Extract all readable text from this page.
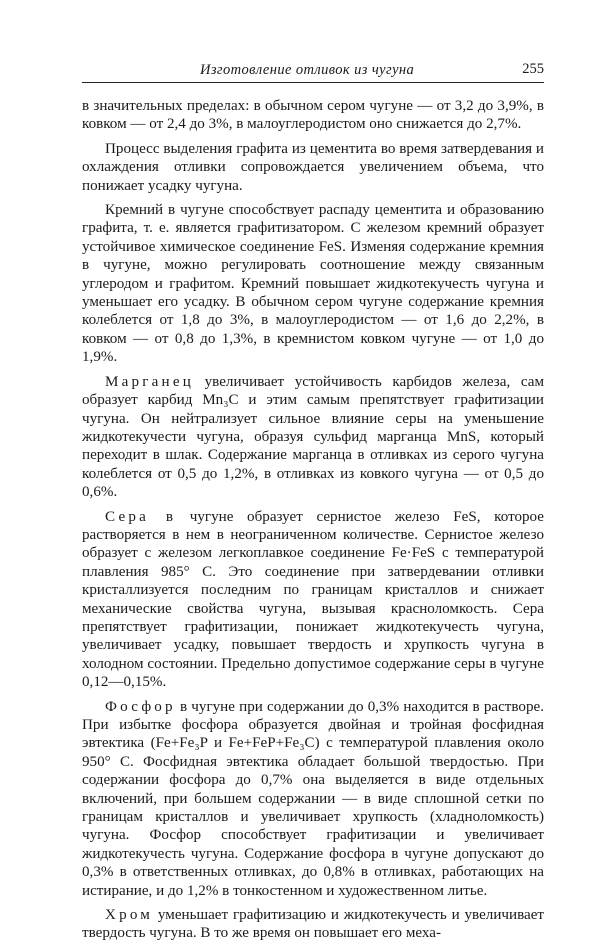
Изготовление отливок из чугуна	255

в значительных пределах: в обычном сером чугуне — от 3,2 до 3,9%, в ковком — от 2,4 до 3%, в малоуглеродистом оно снижается до 2,7%.

Процесс выделения графита из цементита во время затвердевания и охлаждения отливки сопровождается увеличением объема, что понижает усадку чугуна.

Кремний в чугуне способствует распаду цементита и образованию графита, т. е. является графитизатором. С железом кремний образует устойчивое химическое соединение FeS. Изменяя содержание кремния в чугуне, можно регулировать соотношение между связанным углеродом и графитом. Кремний повышает жидкотекучесть чугуна и уменьшает его усадку. В обычном сером чугуне содержание кремния колеблется от 1,8 до 3%, в малоуглеродистом — от 1,6 до 2,2%, в ковком — от 0,8 до 1,3%, в кремнистом ковком чугуне — от 1,0 до 1,9%.

Марганец увеличивает устойчивость карбидов железа, сам образует карбид Mn₃C и этим самым препятствует графитизации чугуна. Он нейтрализует сильное влияние серы на уменьшение жидкотекучести чугуна, образуя сульфид марганца MnS, который переходит в шлак. Содержание марганца в отливках из серого чугуна колеблется от 0,5 до 1,2%, в отливках из ковкого чугуна — от 0,5 до 0,6%.

Сера в чугуне образует сернистое железо FeS, которое растворяется в нем в неограниченном количестве. Сернистое железо образует с железом легкоплавкое соединение Fe·FeS с температурой плавления 985° С. Это соединение при затвердевании отливки кристаллизуется последним по границам кристаллов и снижает механические свойства чугуна, вызывая красноломкость. Сера препятствует графитизации, понижает жидкотекучесть чугуна, увеличивает усадку, повышает твердость и хрупкость чугуна в холодном состоянии. Предельно допустимое содержание серы в чугуне 0,12—0,15%.

Фосфор в чугуне при содержании до 0,3% находится в растворе. При избытке фосфора образуется двойная и тройная фосфидная эвтектика (Fe+Fe₃P и Fe+FeP+Fe₃C) с температурой плавления около 950° С. Фосфидная эвтектика обладает большой твердостью. При содержании фосфора до 0,7% она выделяется в виде отдельных включений, при большем содержании — в виде сплошной сетки по границам кристаллов и увеличивает хрупкость (хладноломкость) чугуна. Фосфор способствует графитизации и увеличивает жидкотекучесть чугуна. Содержание фосфора в чугуне допускают до 0,3% в ответственных отливках, до 0,8% в отливках, работающих на истирание, и до 1,2% в тонкостенном и художественном литье.

Хром уменьшает графитизацию и жидкотекучесть и увеличивает твердость чугуна. В то же время он повышает его меха-
